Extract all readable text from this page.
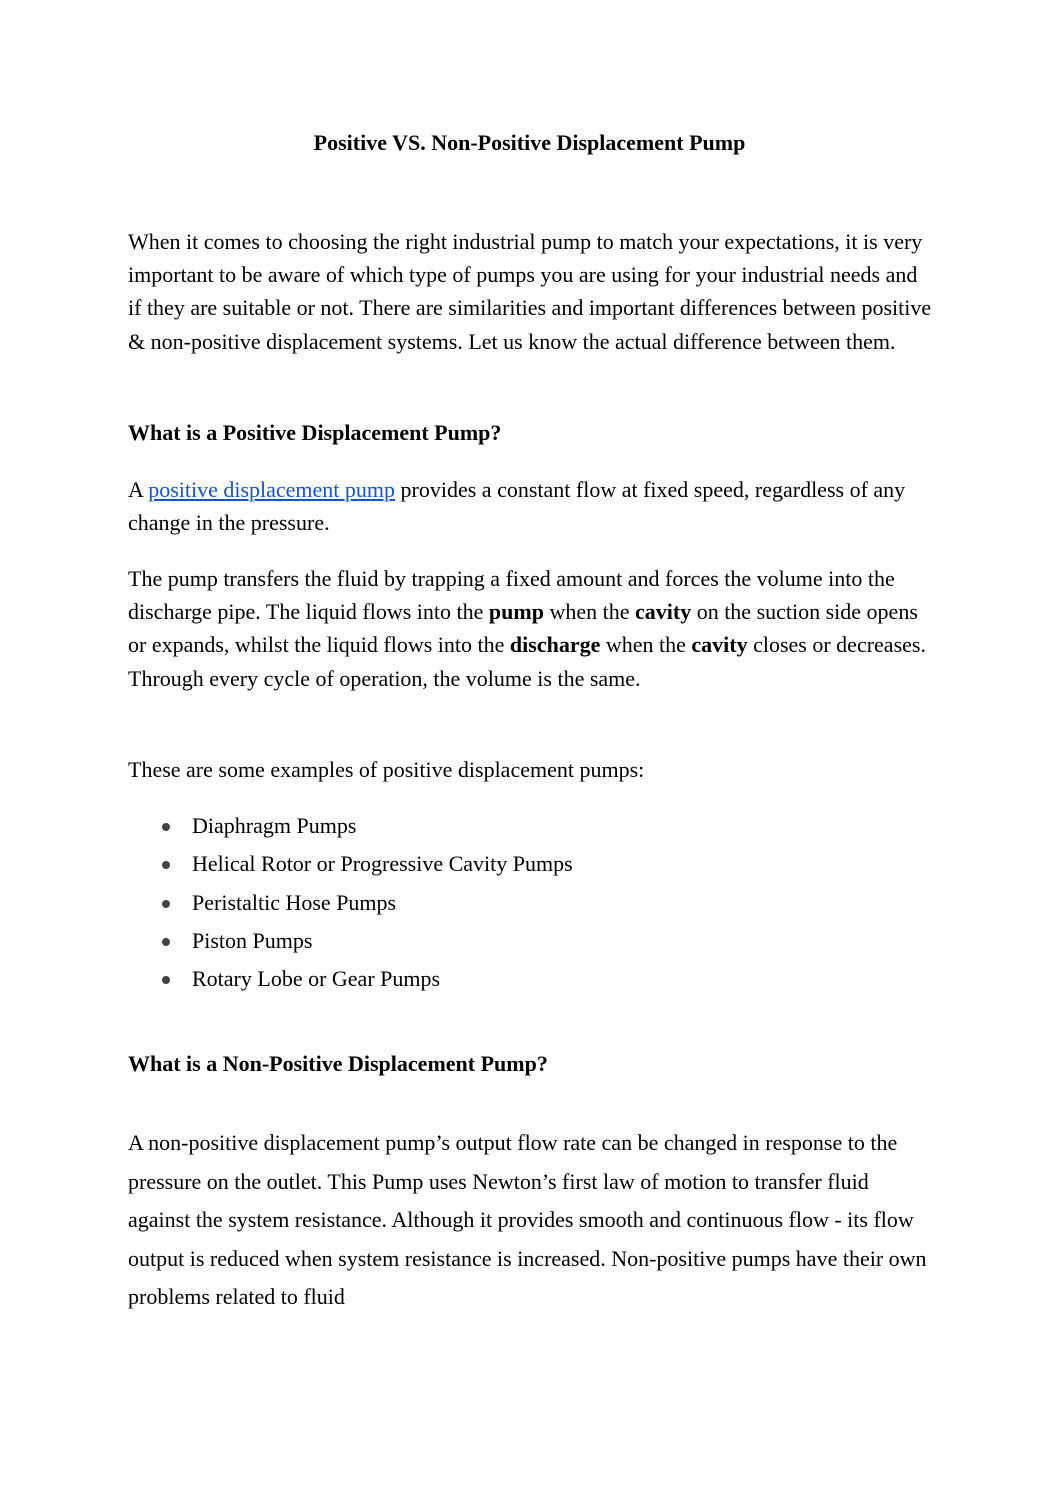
Positive VS. Non-Positive Displacement Pump

When it comes to choosing the right industrial pump to match your expectations, it is very important to be aware of which type of pumps you are using for your industrial needs and if they are suitable or not. There are similarities and important differences between positive & non-positive displacement systems. Let us know the actual difference between them.

What is a Positive Displacement Pump?

A positive displacement pump provides a constant flow at fixed speed, regardless of any change in the pressure.

The pump transfers the fluid by trapping a fixed amount and forces the volume into the discharge pipe. The liquid flows into the pump when the cavity on the suction side opens or expands, whilst the liquid flows into the discharge when the cavity closes or decreases. Through every cycle of operation, the volume is the same.

These are some examples of positive displacement pumps:

Diaphragm Pumps
Helical Rotor or Progressive Cavity Pumps
Peristaltic Hose Pumps
Piston Pumps
Rotary Lobe or Gear Pumps
What is a Non-Positive Displacement Pump?

A non-positive displacement pump’s output flow rate can be changed in response to the pressure on the outlet. This Pump uses Newton’s first law of motion to transfer fluid against the system resistance. Although it provides smooth and continuous flow - its flow output is reduced when system resistance is increased. Non-positive pumps have their own problems related to fluid
